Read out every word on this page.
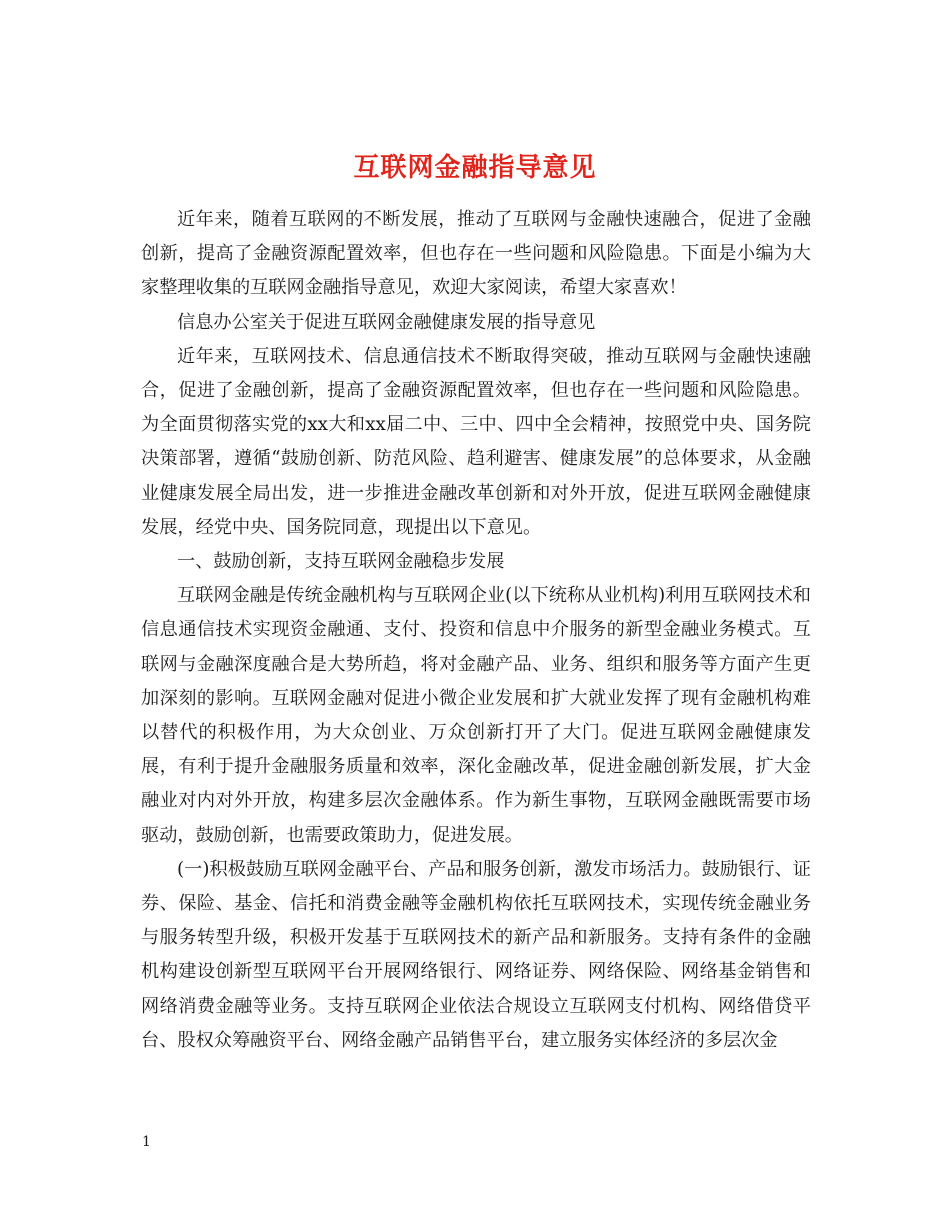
互联网金融指导意见

近年来，随着互联网的不断发展，推动了互联网与金融快速融合，促进了金融创新，提高了金融资源配置效率，但也存在一些问题和风险隐患。下面是小编为大家整理收集的互联网金融指导意见，欢迎大家阅读，希望大家喜欢！

信息办公室关于促进互联网金融健康发展的指导意见

近年来，互联网技术、信息通信技术不断取得突破，推动互联网与金融快速融合，促进了金融创新，提高了金融资源配置效率，但也存在一些问题和风险隐患。为全面贯彻落实党的xx大和xx届二中、三中、四中全会精神，按照党中央、国务院决策部署，遵循“鼓励创新、防范风险、趋利避害、健康发展”的总体要求，从金融业健康发展全局出发，进一步推进金融改革创新和对外开放，促进互联网金融健康发展，经党中央、国务院同意，现提出以下意见。

一、鼓励创新，支持互联网金融稳步发展

互联网金融是传统金融机构与互联网企业(以下统称从业机构)利用互联网技术和信息通信技术实现资金融通、支付、投资和信息中介服务的新型金融业务模式。互联网与金融深度融合是大势所趋，将对金融产品、业务、组织和服务等方面产生更加深刻的影响。互联网金融对促进小微企业发展和扩大就业发挥了现有金融机构难以替代的积极作用，为大众创业、万众创新打开了大门。促进互联网金融健康发展，有利于提升金融服务质量和效率，深化金融改革，促进金融创新发展，扩大金融业对内对外开放，构建多层次金融体系。作为新生事物，互联网金融既需要市场驱动，鼓励创新，也需要政策助力，促进发展。

(一)积极鼓励互联网金融平台、产品和服务创新，激发市场活力。鼓励银行、证券、保险、基金、信托和消费金融等金融机构依托互联网技术，实现传统金融业务与服务转型升级，积极开发基于互联网技术的新产品和新服务。支持有条件的金融机构建设创新型互联网平台开展网络银行、网络证券、网络保险、网络基金销售和网络消费金融等业务。支持互联网企业依法合规设立互联网支付机构、网络借贷平台、股权众筹融资平台、网络金融产品销售平台，建立服务实体经济的多层次金

1
